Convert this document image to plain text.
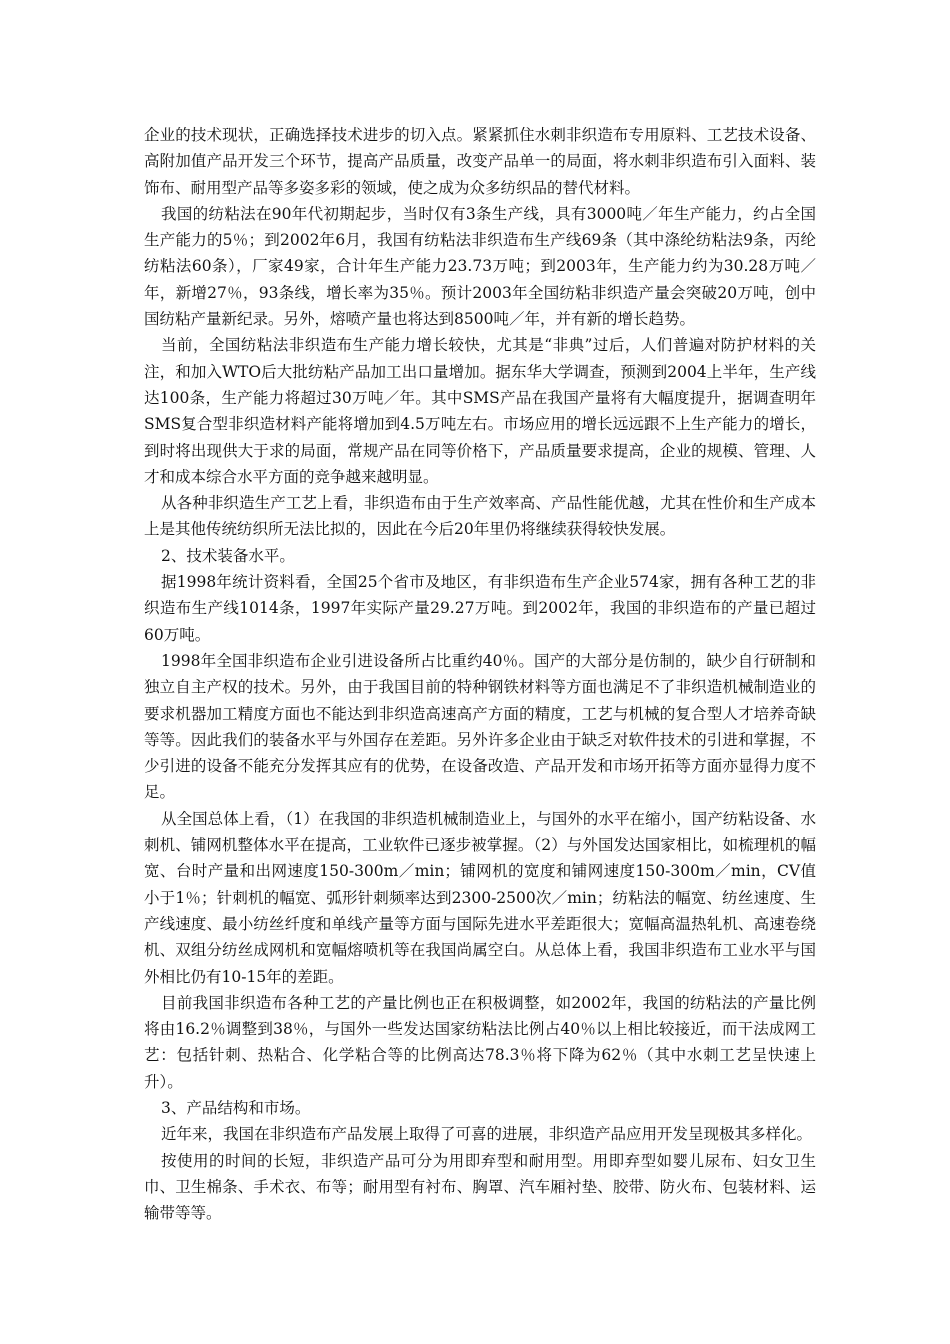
企业的技术现状，正确选择技术进步的切入点。紧紧抓住水刺非织造布专用原料、工艺技术设备、高附加值产品开发三个环节，提高产品质量，改变产品单一的局面，将水刺非织造布引入面料、装饰布、耐用型产品等多姿多彩的领域，使之成为众多纺织品的替代材料。

我国的纺粘法在90年代初期起步，当时仅有3条生产线，具有3000吨／年生产能力，约占全国生产能力的5％；到2002年6月，我国有纺粘法非织造布生产线69条（其中涤纶纺粘法9条，丙纶纺粘法60条），厂家49家，合计年生产能力23.73万吨；到2003年，生产能力约为30.28万吨／年，新增27％，93条线，增长率为35％。预计2003年全国纺粘非织造产量会突破20万吨，创中国纺粘产量新纪录。另外，熔喷产量也将达到8500吨／年，并有新的增长趋势。

当前，全国纺粘法非织造布生产能力增长较快，尤其是“非典”过后，人们普遍对防护材料的关注，和加入WTO后大批纺粘产品加工出口量增加。据东华大学调查，预测到2004上半年，生产线达100条，生产能力将超过30万吨／年。其中SMS产品在我国产量将有大幅度提升，据调查明年SMS复合型非织造材料产能将增加到4.5万吨左右。市场应用的增长远远跟不上生产能力的增长，到时将出现供大于求的局面，常规产品在同等价格下，产品质量要求提高，企业的规模、管理、人才和成本综合水平方面的竞争越来越明显。

从各种非织造生产工艺上看，非织造布由于生产效率高、产品性能优越，尤其在性价和生产成本上是其他传统纺织所无法比拟的，因此在今后20年里仍将继续获得较快发展。

2、技术装备水平。

据1998年统计资料看，全国25个省市及地区，有非织造布生产企业574家，拥有各种工艺的非织造布生产线1014条，1997年实际产量29.27万吨。到2002年，我国的非织造布的产量已超过60万吨。

1998年全国非织造布企业引进设备所占比重约40％。国产的大部分是仿制的，缺少自行研制和独立自主产权的技术。另外，由于我国目前的特种钢铁材料等方面也满足不了非织造机械制造业的要求机器加工精度方面也不能达到非织造高速高产方面的精度，工艺与机械的复合型人才培养奇缺等等。因此我们的装备水平与外国存在差距。另外许多企业由于缺乏对软件技术的引进和掌握，不少引进的设备不能充分发挥其应有的优势，在设备改造、产品开发和市场开拓等方面亦显得力度不足。

从全国总体上看，（1）在我国的非织造机械制造业上，与国外的水平在缩小，国产纺粘设备、水刺机、铺网机整体水平在提高，工业软件已逐步被掌握。（2）与外国发达国家相比，如梳理机的幅宽、台时产量和出网速度150-300m／min；铺网机的宽度和铺网速度150-300m／min，CV值小于1％；针刺机的幅宽、弧形针刺频率达到2300-2500次／min；纺粘法的幅宽、纺丝速度、生产线速度、最小纺丝纤度和单线产量等方面与国际先进水平差距很大；宽幅高温热轧机、高速卷绕机、双组分纺丝成网机和宽幅熔喷机等在我国尚属空白。从总体上看，我国非织造布工业水平与国外相比仍有10-15年的差距。

目前我国非织造布各种工艺的产量比例也正在积极调整，如2002年，我国的纺粘法的产量比例将由16.2％调整到38％，与国外一些发达国家纺粘法比例占40％以上相比较接近，而干法成网工艺：包括针刺、热粘合、化学粘合等的比例高达78.3％将下降为62％（其中水刺工艺呈快速上升）。

3、产品结构和市场。

近年来，我国在非织造布产品发展上取得了可喜的进展，非织造产品应用开发呈现极其多样化。

按使用的时间的长短，非织造产品可分为用即弃型和耐用型。用即弃型如婴儿尿布、妇女卫生巾、卫生棉条、手术衣、布等；耐用型有衬布、胸罩、汽车厢衬垫、胶带、防火布、包装材料、运输带等等。
